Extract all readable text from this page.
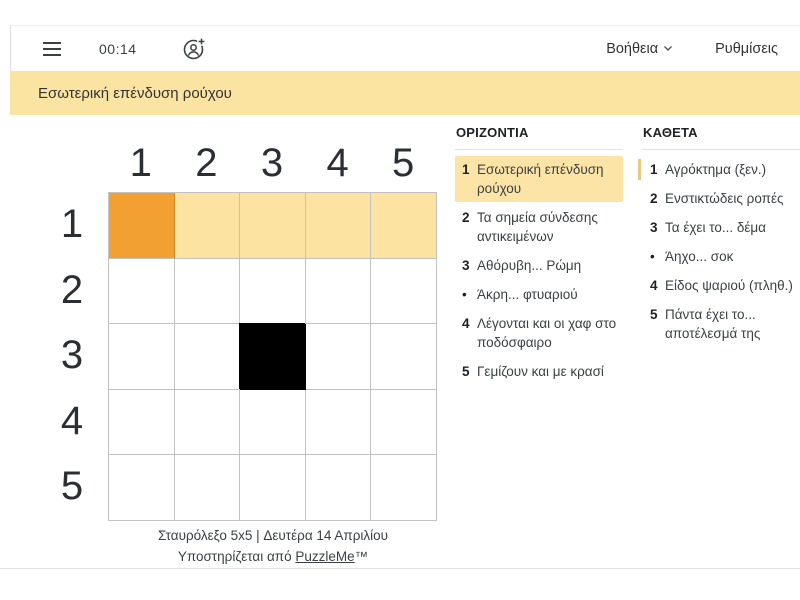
00:14	Βοήθεια	Ρυθμίσεις
Εσωτερική επένδυση ρούχου
1	2	3	4	5
1
2
3
4
5
Σταυρόλεξο 5x5 | Δευτέρα 14 Απριλίου
Υποστηρίζεται από PuzzleMe™
ΟΡΙΖΟΝΤΙΑ
1 Εσωτερική επένδυση ρούχου
2 Τα σημεία σύνδεσης αντικειμένων
3 Αθόρυβη... Ρώμη
• Άκρη... φτυαριού
4 Λέγονται και οι χαφ στο ποδόσφαιρο
5 Γεμίζουν και με κρασί
ΚΑΘΕΤΑ
1 Αγρόκτημα (ξεν.)
2 Ενστικτώδεις ροπές
3 Τα έχει το... δέμα
• Άηχο... σοκ
4 Είδος ψαριού (πληθ.)
5 Πάντα έχει το... αποτέλεσμά της
